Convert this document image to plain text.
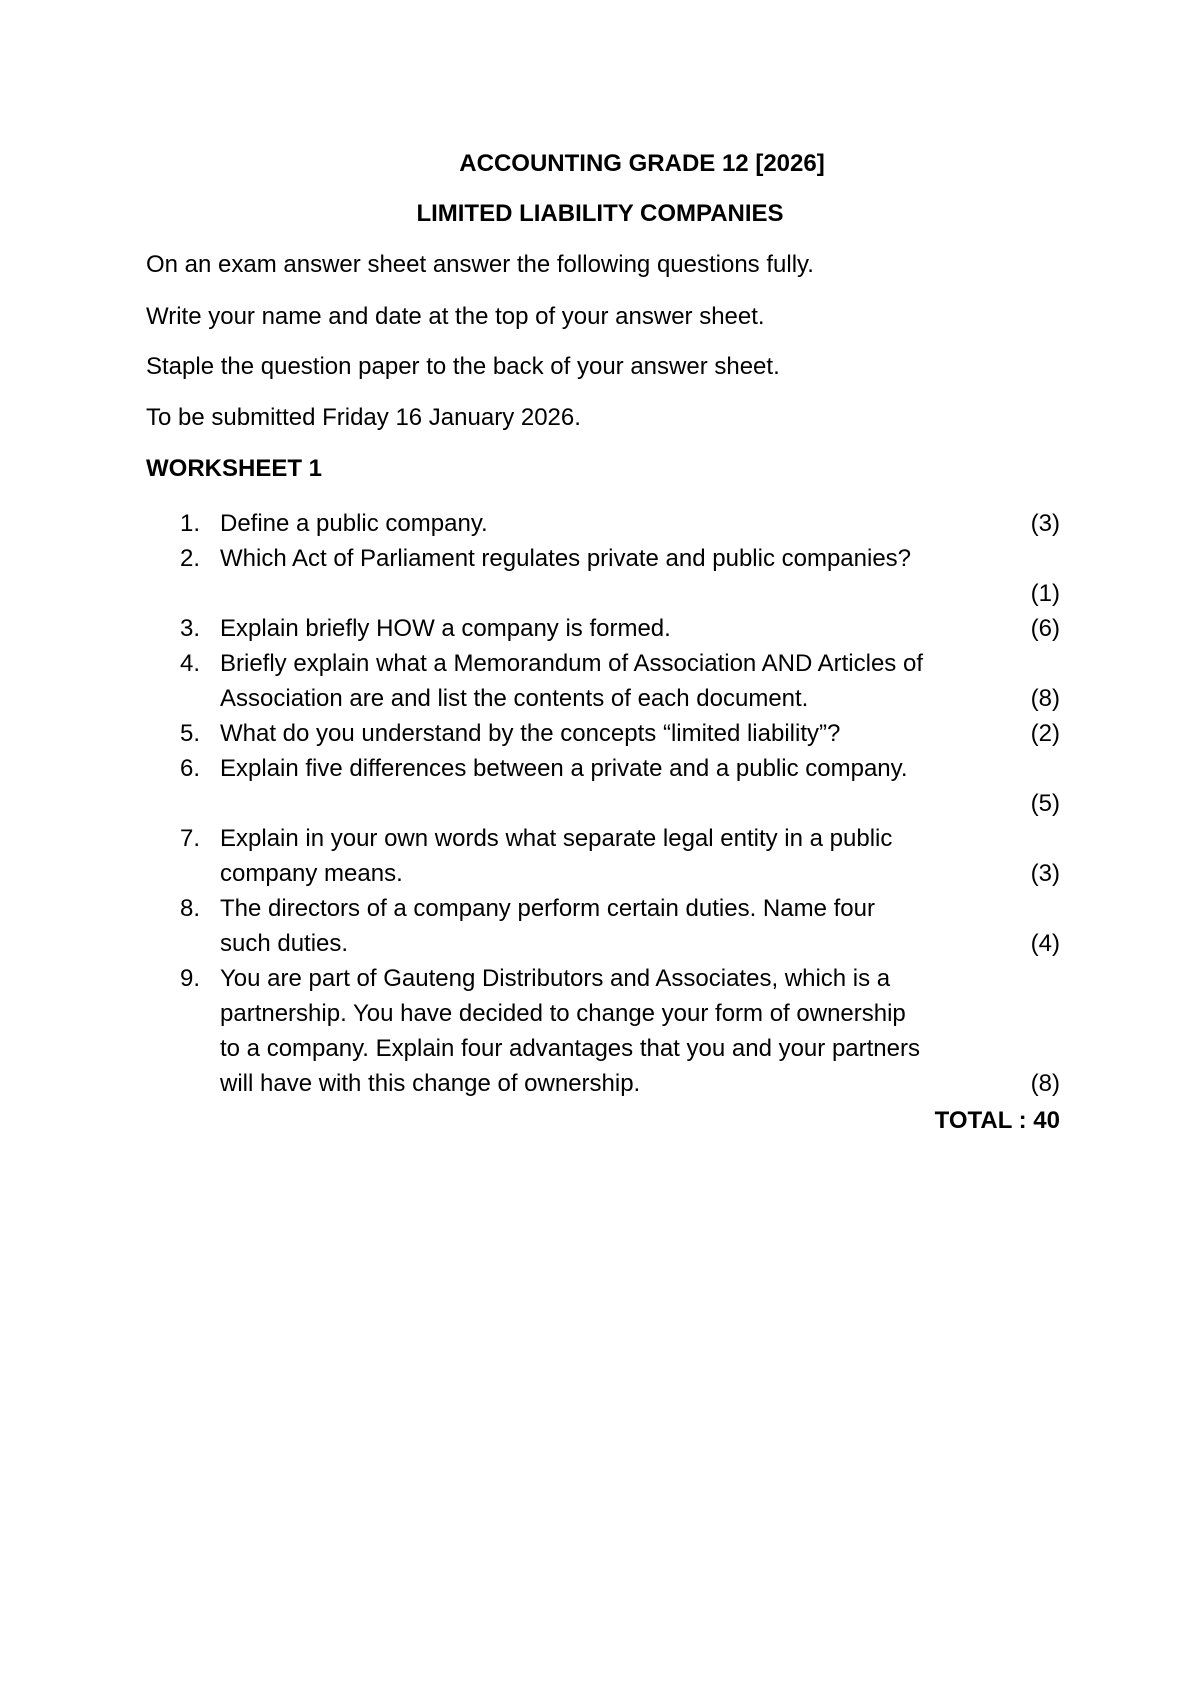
ACCOUNTING GRADE 12 [2026]
LIMITED LIABILITY COMPANIES
On an exam answer sheet answer the following questions fully.
Write your name and date at the top of your answer sheet.
Staple the question paper to the back of your answer sheet.
To be submitted Friday 16 January 2026.
WORKSHEET 1
1. Define a public company.	(3)
2. Which Act of Parliament regulates private and public companies?
(1)
3. Explain briefly HOW a company is formed.	(6)
4. Briefly explain what a Memorandum of Association AND Articles of
Association are and list the contents of each document.	(8)
5. What do you understand by the concepts “limited liability”?	(2)
6. Explain five differences between a private and a public company.
(5)
7. Explain in your own words what separate legal entity in a public
company means.	(3)
8. The directors of a company perform certain duties. Name four
such duties.	(4)
9. You are part of Gauteng Distributors and Associates, which is a
partnership. You have decided to change your form of ownership
to a company. Explain four advantages that you and your partners
will have with this change of ownership.	(8)
TOTAL : 40
